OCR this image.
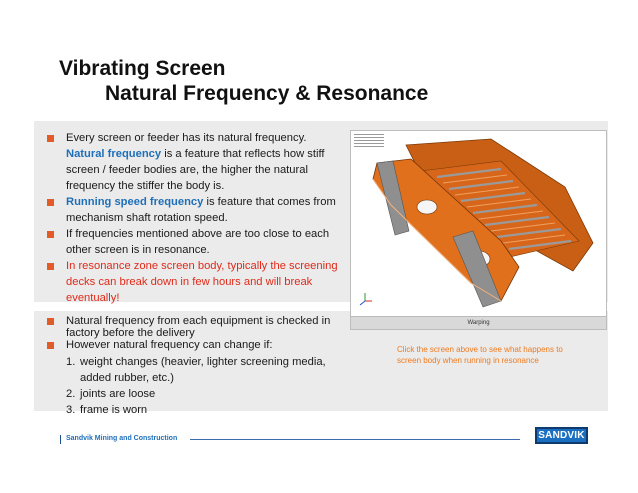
Vibrating Screen
Natural Frequency & Resonance
Every screen or feeder has its natural frequency. Natural frequency is a feature that reflects how stiff screen / feeder bodies are, the higher the natural frequency the stiffer the body is.
Running speed frequency is feature that comes from mechanism shaft rotation speed.
If frequencies mentioned above are too close to each other screen is in resonance.
In resonance zone screen body, typically the screening decks can break down in few hours and will break eventually!
Natural frequency from each equipment is checked in factory before the delivery
However natural frequency can change if:
1. weight changes (heavier, lighter screening media,
added rubber, etc.)
2. joints are loose
3. frame is worn
Warping
Click the screen above to see what happens to screen body when running in resonance
Sandvik Mining and Construction	SANDVIK
